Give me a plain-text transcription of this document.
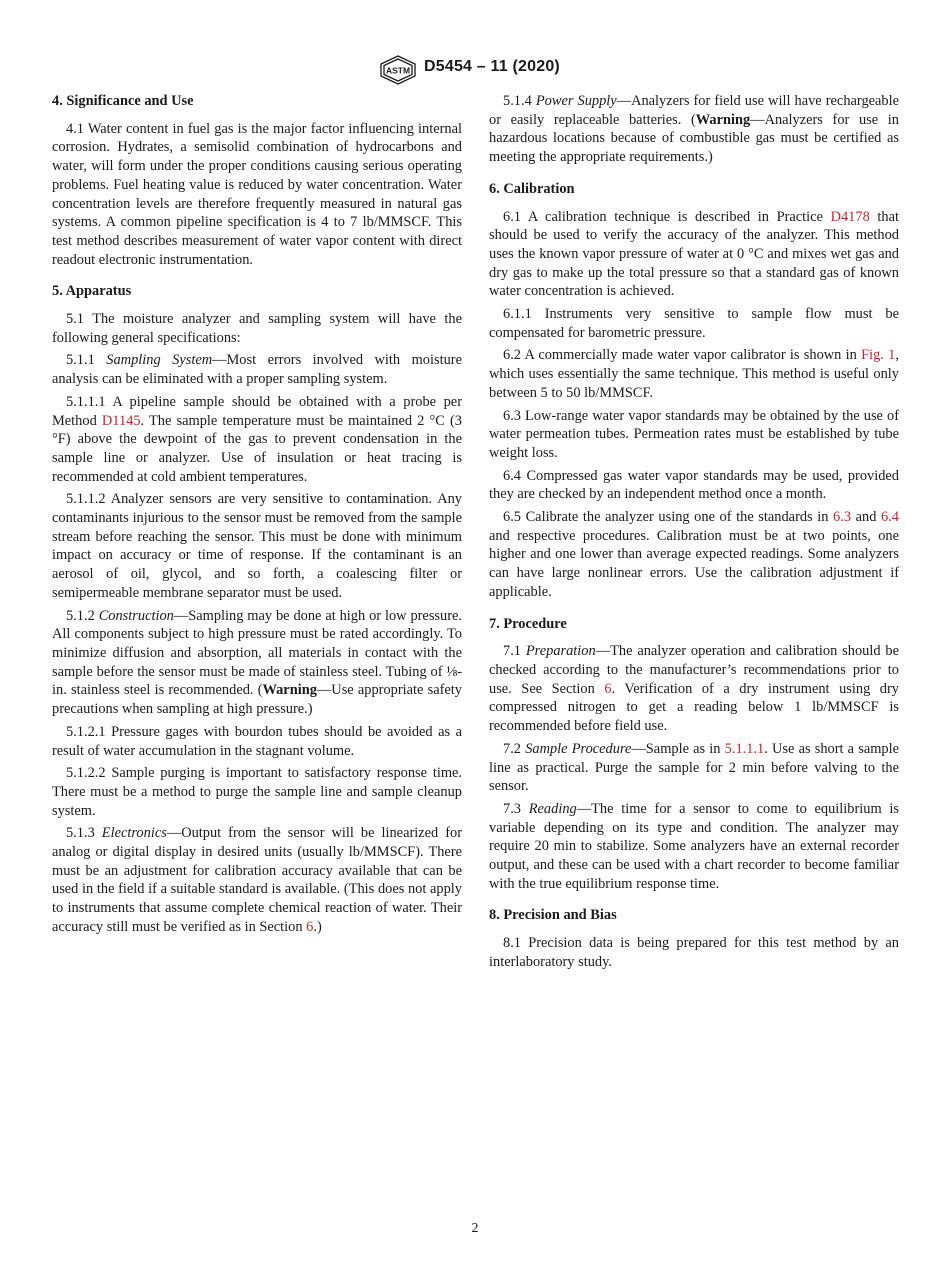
ASTM D5454 – 11 (2020)
4. Significance and Use

4.1 Water content in fuel gas is the major factor influencing internal corrosion. Hydrates, a semisolid combination of hydrocarbons and water, will form under the proper conditions causing serious operating problems. Fuel heating value is reduced by water concentration. Water concentration levels are therefore frequently measured in natural gas systems. A common pipeline specification is 4 to 7 lb/MMSCF. This test method describes measurement of water vapor content with direct readout electronic instrumentation.

5. Apparatus

5.1 The moisture analyzer and sampling system will have the following general specifications:

5.1.1 Sampling System—Most errors involved with moisture analysis can be eliminated with a proper sampling system.

5.1.1.1 A pipeline sample should be obtained with a probe per Method D1145. The sample temperature must be maintained 2 °C (3 °F) above the dewpoint of the gas to prevent condensation in the sample line or analyzer. Use of insulation or heat tracing is recommended at cold ambient temperatures.

5.1.1.2 Analyzer sensors are very sensitive to contamination. Any contaminants injurious to the sensor must be removed from the sample stream before reaching the sensor. This must be done with minimum impact on accuracy or time of response. If the contaminant is an aerosol of oil, glycol, and so forth, a coalescing filter or semipermeable membrane separator must be used.

5.1.2 Construction—Sampling may be done at high or low pressure. All components subject to high pressure must be rated accordingly. To minimize diffusion and absorption, all materials in contact with the sample before the sensor must be made of stainless steel. Tubing of ⅛-in. stainless steel is recommended. (Warning—Use appropriate safety precautions when sampling at high pressure.)

5.1.2.1 Pressure gages with bourdon tubes should be avoided as a result of water accumulation in the stagnant volume.

5.1.2.2 Sample purging is important to satisfactory response time. There must be a method to purge the sample line and sample cleanup system.

5.1.3 Electronics—Output from the sensor will be linearized for analog or digital display in desired units (usually lb/MMSCF). There must be an adjustment for calibration accuracy available that can be used in the field if a suitable standard is available. (This does not apply to instruments that assume complete chemical reaction of water. Their accuracy still must be verified as in Section 6.)

5.1.4 Power Supply—Analyzers for field use will have rechargeable or easily replaceable batteries. (Warning—Analyzers for use in hazardous locations because of combustible gas must be certified as meeting the appropriate requirements.)

6. Calibration

6.1 A calibration technique is described in Practice D4178 that should be used to verify the accuracy of the analyzer. This method uses the known vapor pressure of water at 0 °C and mixes wet gas and dry gas to make up the total pressure so that a standard gas of known water concentration is achieved.

6.1.1 Instruments very sensitive to sample flow must be compensated for barometric pressure.

6.2 A commercially made water vapor calibrator is shown in Fig. 1, which uses essentially the same technique. This method is useful only between 5 to 50 lb/MMSCF.

6.3 Low-range water vapor standards may be obtained by the use of water permeation tubes. Permeation rates must be established by tube weight loss.

6.4 Compressed gas water vapor standards may be used, provided they are checked by an independent method once a month.

6.5 Calibrate the analyzer using one of the standards in 6.3 and 6.4 and respective procedures. Calibration must be at two points, one higher and one lower than average expected readings. Some analyzers can have large nonlinear errors. Use the calibration adjustment if applicable.

7. Procedure

7.1 Preparation—The analyzer operation and calibration should be checked according to the manufacturer’s recommendations prior to use. See Section 6. Verification of a dry instrument using dry compressed nitrogen to get a reading below 1 lb/MMSCF is recommended before field use.

7.2 Sample Procedure—Sample as in 5.1.1.1. Use as short a sample line as practical. Purge the sample for 2 min before valving to the sensor.

7.3 Reading—The time for a sensor to come to equilibrium is variable depending on its type and condition. The analyzer may require 20 min to stabilize. Some analyzers have an external recorder output, and these can be used with a chart recorder to become familiar with the true equilibrium response time.

8. Precision and Bias

8.1 Precision data is being prepared for this test method by an interlaboratory study.

2
